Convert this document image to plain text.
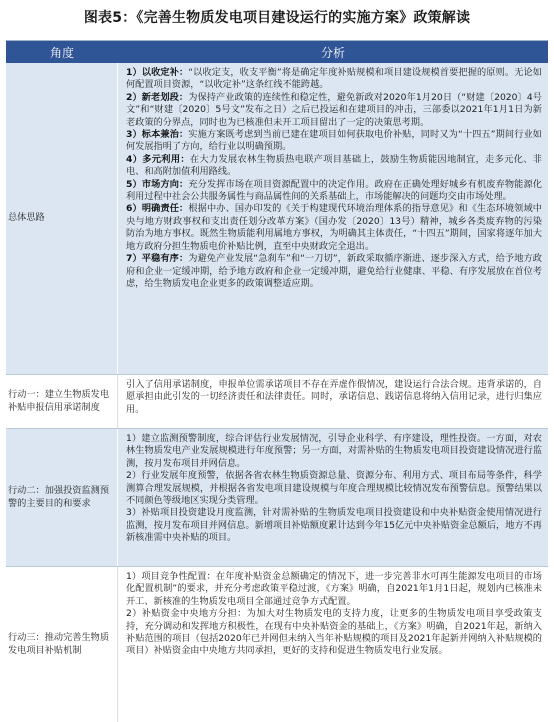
图表5：《完善生物质发电项目建设运行的实施方案》政策解读
角度	分析
总体思路
1）以收定补：“以收定支，收支平衡”将是确定年度补贴规模和项目建设规模首要把握的原则。无论如何配置项目资源，“以收定补”这条红线不能跨越。
2）新老划段：为保持产业政策的连续性和稳定性，避免新政对2020年1月20日（“财建〔2020〕4号文”和“财建〔2020〕5号文”发布之日）之后已投运和在建项目的冲击，三部委以2021年1月1日为新老政策的分界点，同时也为已核准但未开工项目留出了一定的决策思考期。
3）标本兼治：实施方案既考虑到当前已建在建项目如何获取电价补贴，同时又为“十四五”期间行业如何发展指明了方向，给行业以明确预期。
4）多元利用：在大力发展农林生物质热电联产项目基础上，鼓励生物质能因地制宜，走多元化、非电、和高附加值利用路线。
5）市场方向：充分发挥市场在项目资源配置中的决定作用。政府在正确处理好城乡有机废弃物能源化利用过程中社会公共服务属性与商品属性间的关系基础上，市场能解决的问题均交由市场处理。
6）明确责任：根据中办、国办印发的《关于构建现代环境治理体系的指导意见》和《生态环境领域中央与地方财政事权和支出责任划分改革方案》（国办发〔2020〕13号）精神，城乡各类废弃物的污染防治为地方事权。既然生物质能利用属地方事权，为明确其主体责任，“十四五”期间，国家将逐年加大地方政府分担生物质电价补贴比例，直至中央财政完全退出。
7）平稳有序：为避免产业发展“急刹车”和“一刀切”，新政采取循序渐进、逐步深入方式，给予地方政府和企业一定缓冲期，给予地方政府和企业一定缓冲期，避免给行业健康、平稳、有序发展放在首位考虑，给生物质发电企业更多的政策调整适应期。
行动一：建立生物质发电补贴申报信用承诺制度
引入了信用承诺制度，申报单位需承诺项目不存在弄虚作假情况，建设运行合法合规。违背承诺的，自愿承担由此引发的一切经济责任和法律责任。同时，承诺信息、践诺信息将纳入信用记录，进行归集应用。
行动二：加强投资监测预警的主要目的和要求
1）建立监测预警制度，综合评估行业发展情况，引导企业科学、有序建设，理性投资。一方面，对农林生物质发电产业发展规模进行年度预警；另一方面，对需补贴的生物质发电项目投资建设情况进行监测，按月发布项目并网信息。
2）行业发展年度预警，依据各省农林生物质资源总量、资源分布、利用方式、项目布局等条件，科学测算合理发展规模，并根据各省发电项目建设规模与年度合理规模比较情况发布预警信息。预警结果以不同颜色等级地区实现分类管理。
3）补贴项目投资建设月度监测，针对需补贴的生物质发电项目投资建设和中央补贴资金使用情况进行监测，按月发布项目并网信息。新增项目补贴额度累计达到今年15亿元中央补贴资金总额后，地方不再新核准需中央补贴的项目。
行动三：推动完善生物质发电项目补贴机制
1）项目竞争性配置：在年度补贴资金总额确定的情况下，进一步完善非水可再生能源发电项目的市场化配置机制”的要求，并充分考虑政策平稳过渡，《方案》明确，自2021年1月1日起，规划内已核准未开工、新核准的生物质发电项目全部通过竞争方式配置。
2）补贴资金中央地方分担：为加大对生物质发电的支持力度，让更多的生物质发电项目享受政策支持，充分调动和发挥地方积极性，在现有中央补贴资金的基础上，《方案》明确，自2021年起，新纳入补贴范围的项目（包括2020年已并网但未纳入当年补贴规模的项目及2021年起新并网纳入补贴规模的项目）补贴资金由中央地方共同承担，更好的支持和促进生物质发电行业发展。
